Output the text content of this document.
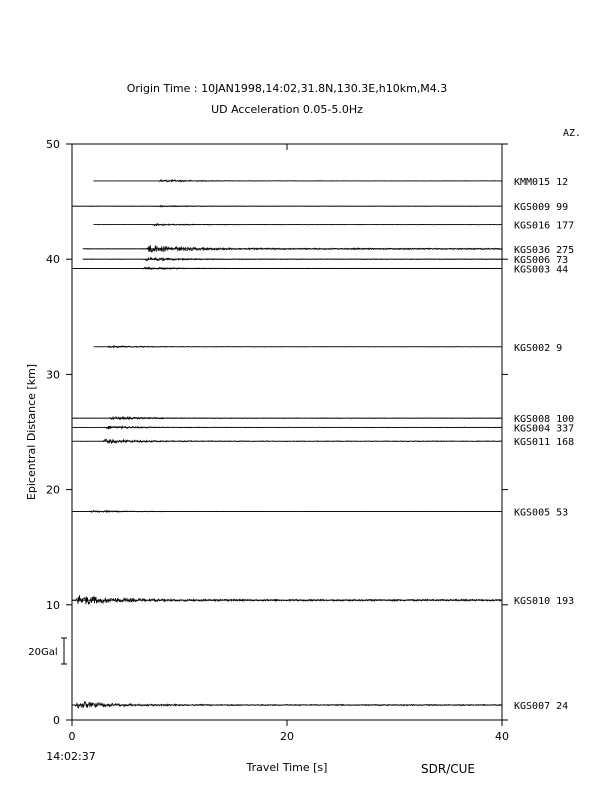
Origin Time : 10JAN1998,14:02,31.8N,130.3E,h10km,M4.3
UD Acceleration 0.05-5.0Hz
AZ.
KMM015 12
KGS009 99
KGS016 177
KGS036 275
KGS006 73
KGS003 44
KGS002 9
KGS008 100
KGS004 337
KGS011 168
KGS005 53
KGS010 193
KGS007 24
0
10
20
30
40
50
0	20	40
14:02:37
Travel Time [s]
Epicentral Distance [km]
SDR/CUE
20Gal
